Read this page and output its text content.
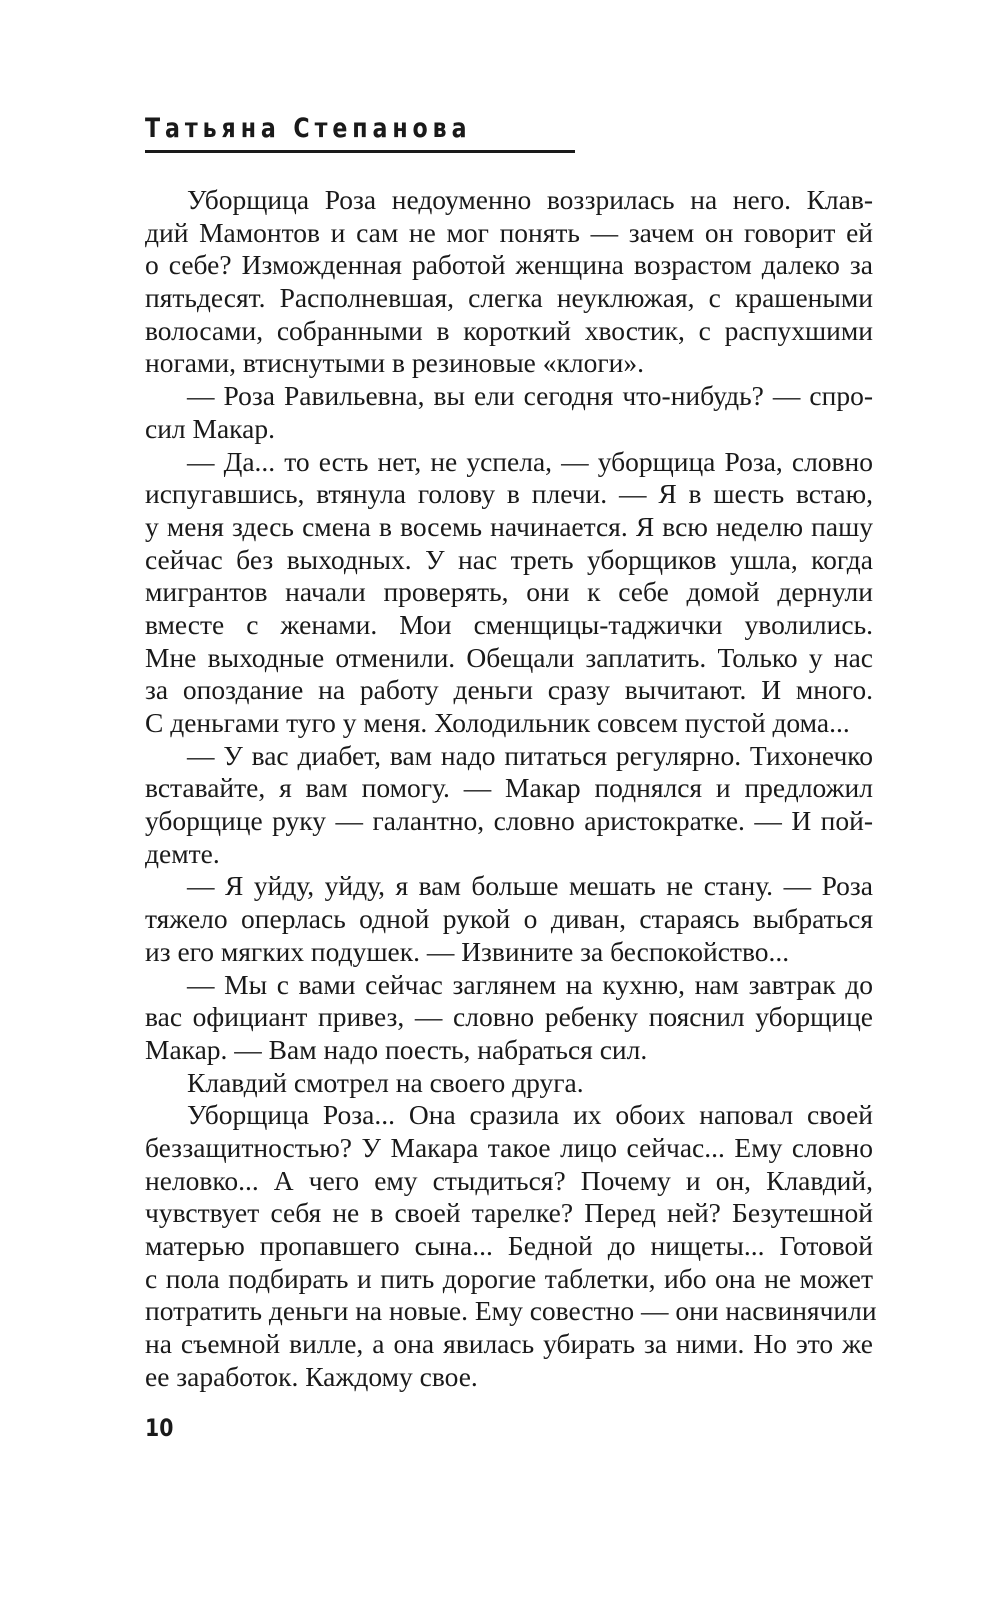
Татьяна Степанова
Уборщица Роза недоуменно воззрилась на него. Клав-
дий Мамонтов и сам не мог понять — зачем он говорит ей
о себе? Изможденная работой женщина возрастом далеко за
пятьдесят. Располневшая, слегка неуклюжая, с крашеными
волосами, собранными в короткий хвостик, с распухшими
ногами, втиснутыми в резиновые «клоги».
— Роза Равильевна, вы ели сегодня что-нибудь? — спро-
сил Макар.
— Да... то есть нет, не успела, — уборщица Роза, словно
испугавшись, втянула голову в плечи. — Я в шесть встаю,
у меня здесь смена в восемь начинается. Я всю неделю пашу
сейчас без выходных. У нас треть уборщиков ушла, когда
мигрантов начали проверять, они к себе домой дернули
вместе с женами. Мои сменщицы-таджички уволились.
Мне выходные отменили. Обещали заплатить. Только у нас
за опоздание на работу деньги сразу вычитают. И много.
С деньгами туго у меня. Холодильник совсем пустой дома...
— У вас диабет, вам надо питаться регулярно. Тихонечко
вставайте, я вам помогу. — Макар поднялся и предложил
уборщице руку — галантно, словно аристократке. — И пой-
демте.
— Я уйду, уйду, я вам больше мешать не стану. — Роза
тяжело оперлась одной рукой о диван, стараясь выбраться
из его мягких подушек. — Извините за беспокойство...
— Мы с вами сейчас заглянем на кухню, нам завтрак до
вас официант привез, — словно ребенку пояснил уборщице
Макар. — Вам надо поесть, набраться сил.
Клавдий смотрел на своего друга.
Уборщица Роза... Она сразила их обоих наповал своей
беззащитностью? У Макара такое лицо сейчас... Ему словно
неловко... А чего ему стыдиться? Почему и он, Клавдий,
чувствует себя не в своей тарелке? Перед ней? Безутешной
матерью пропавшего сына... Бедной до нищеты... Готовой
с пола подбирать и пить дорогие таблетки, ибо она не может
потратить деньги на новые. Ему совестно — они насвинячили
на съемной вилле, а она явилась убирать за ними. Но это же
ее заработок. Каждому свое.
10
